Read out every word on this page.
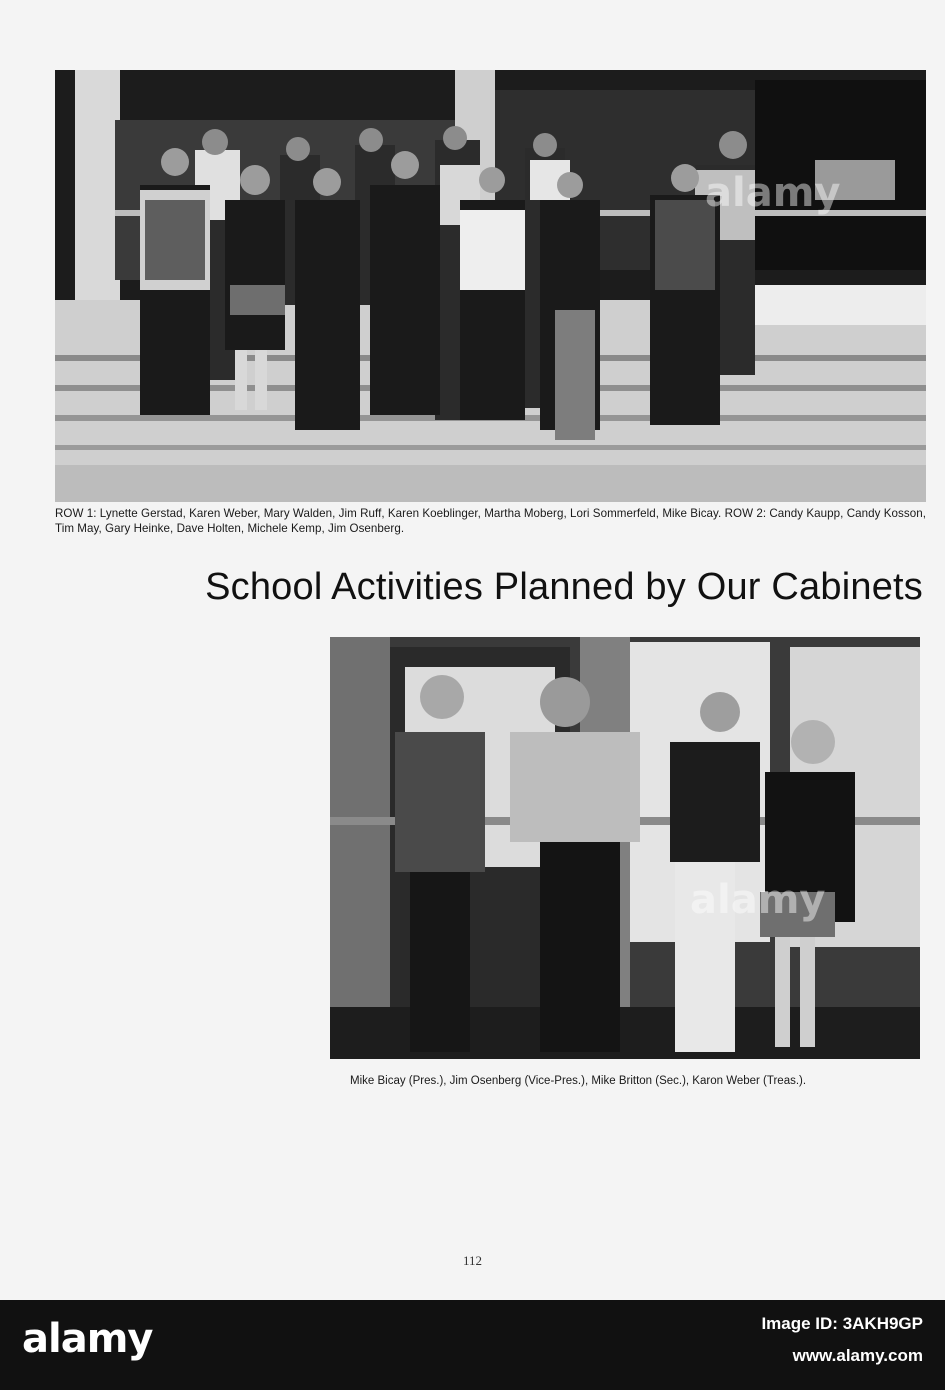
alamy
ROW 1: Lynette Gerstad, Karen Weber, Mary Walden, Jim Ruff, Karen Koeblinger, Martha Moberg, Lori Sommerfeld, Mike Bicay. ROW 2: Candy Kaupp, Candy Kosson, Tim May, Gary Heinke, Dave Holten, Michele Kemp, Jim Osenberg.
School Activities Planned by Our Cabinets
alamy
Mike Bicay (Pres.), Jim Osenberg (Vice-Pres.), Mike Britton (Sec.), Karon Weber (Treas.).
112
alamy	Image ID: 3AKH9GP
www.alamy.com
